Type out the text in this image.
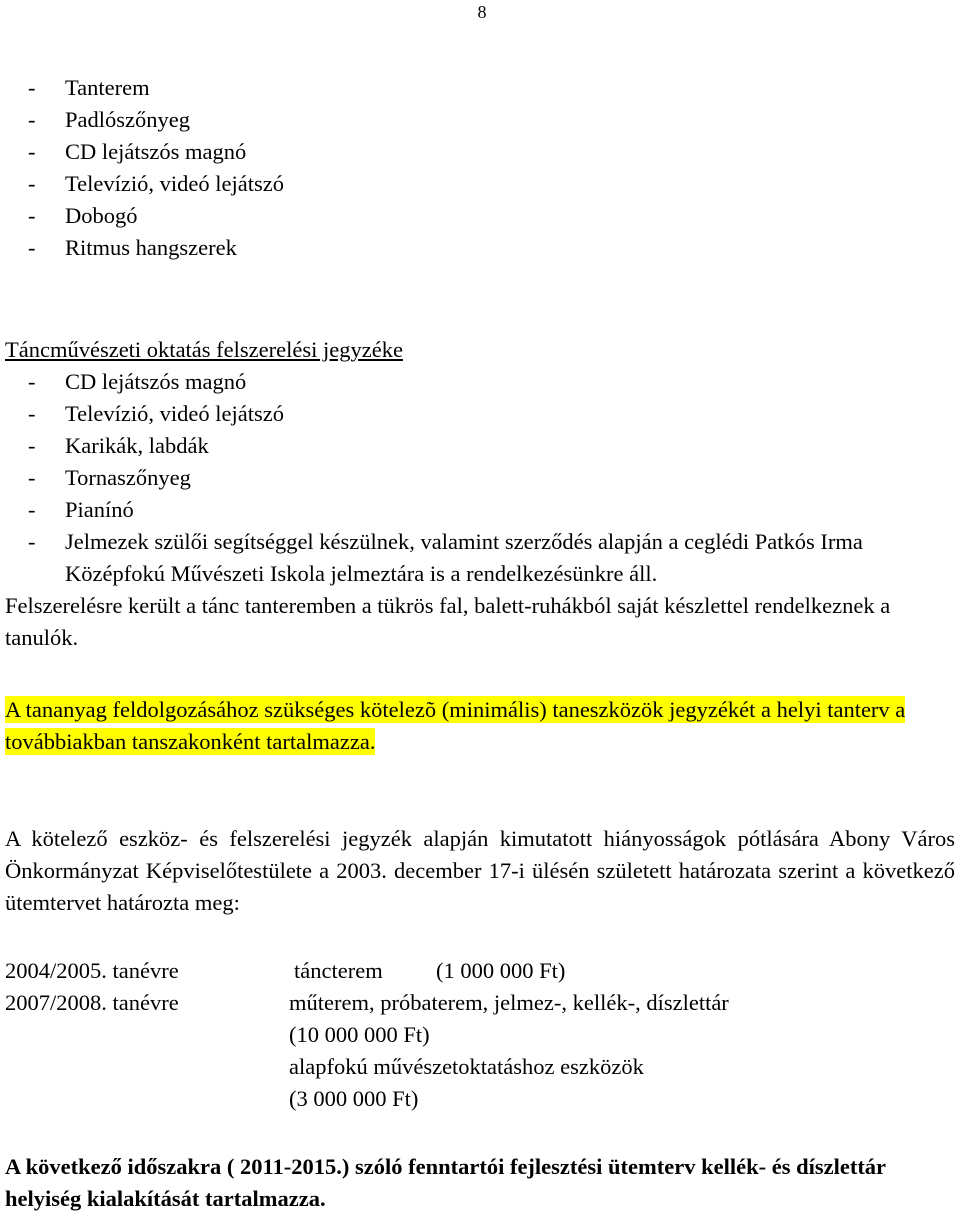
8
- Tanterem
- Padlószőnyeg
- CD lejátszós magnó
- Televízió, videó lejátszó
- Dobogó
- Ritmus hangszerek
Táncművészeti oktatás felszerelési jegyzéke
- CD lejátszós magnó
- Televízió, videó lejátszó
- Karikák, labdák
- Tornaszőnyeg
- Pianínó
- Jelmezek szülői segítséggel készülnek, valamint szerződés alapján a ceglédi Patkós Irma Középfokú Művészeti Iskola jelmeztára is a rendelkezésünkre áll.

Felszerelésre került a tánc tanteremben a tükrös fal, balett-ruhákból saját készlettel rendelkeznek a tanulók.

A tananyag feldolgozásához szükséges kötelezõ (minimális) taneszközök jegyzékét a helyi tanterv a továbbiakban tanszakonként tartalmazza.

A kötelező eszköz- és felszerelési jegyzék alapján kimutatott hiányosságok pótlására Abony Város Önkormányzat Képviselőtestülete a 2003. december 17-i ülésén született határozata szerint a következő ütemtervet határozta meg:

2004/2005. tanévre	táncterem (1 000 000 Ft)
2007/2008. tanévre	műterem, próbaterem, jelmez-, kellék-, díszlettár
(10 000 000 Ft)
alapfokú művészetoktatáshoz eszközök
(3 000 000 Ft)

A következő időszakra ( 2011-2015.) szóló fenntartói fejlesztési ütemterv kellék- és díszlettár helyiség kialakítását tartalmazza.
